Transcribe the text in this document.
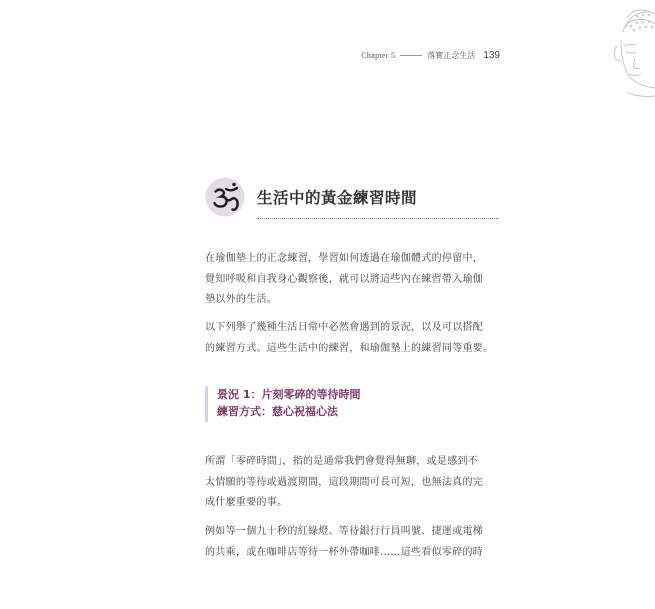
Chapter 5	落實正念生活 139
生活中的黃金練習時間
在瑜伽墊上的正念練習，學習如何透過在瑜伽體式的停留中，
覺知呼吸和自我身心觀察後，就可以將這些內在練習帶入瑜伽
墊以外的生活。
以下列舉了幾種生活日常中必然會遇到的景況，以及可以搭配
的練習方式。這些生活中的練習，和瑜伽墊上的練習同等重要。
景況 1：片刻零碎的等待時間
練習方式：慈心祝福心法
所謂「零碎時間」，指的是通常我們會覺得無聊，或是感到不
太情願的等待或過渡期間，這段期間可長可短，也無法真的完
成什麼重要的事。
例如等一個九十秒的紅綠燈、等待銀行行員叫號、捷運或電梯
的共乘，或在咖啡店等待一杯外帶咖啡……這些看似零碎的時
